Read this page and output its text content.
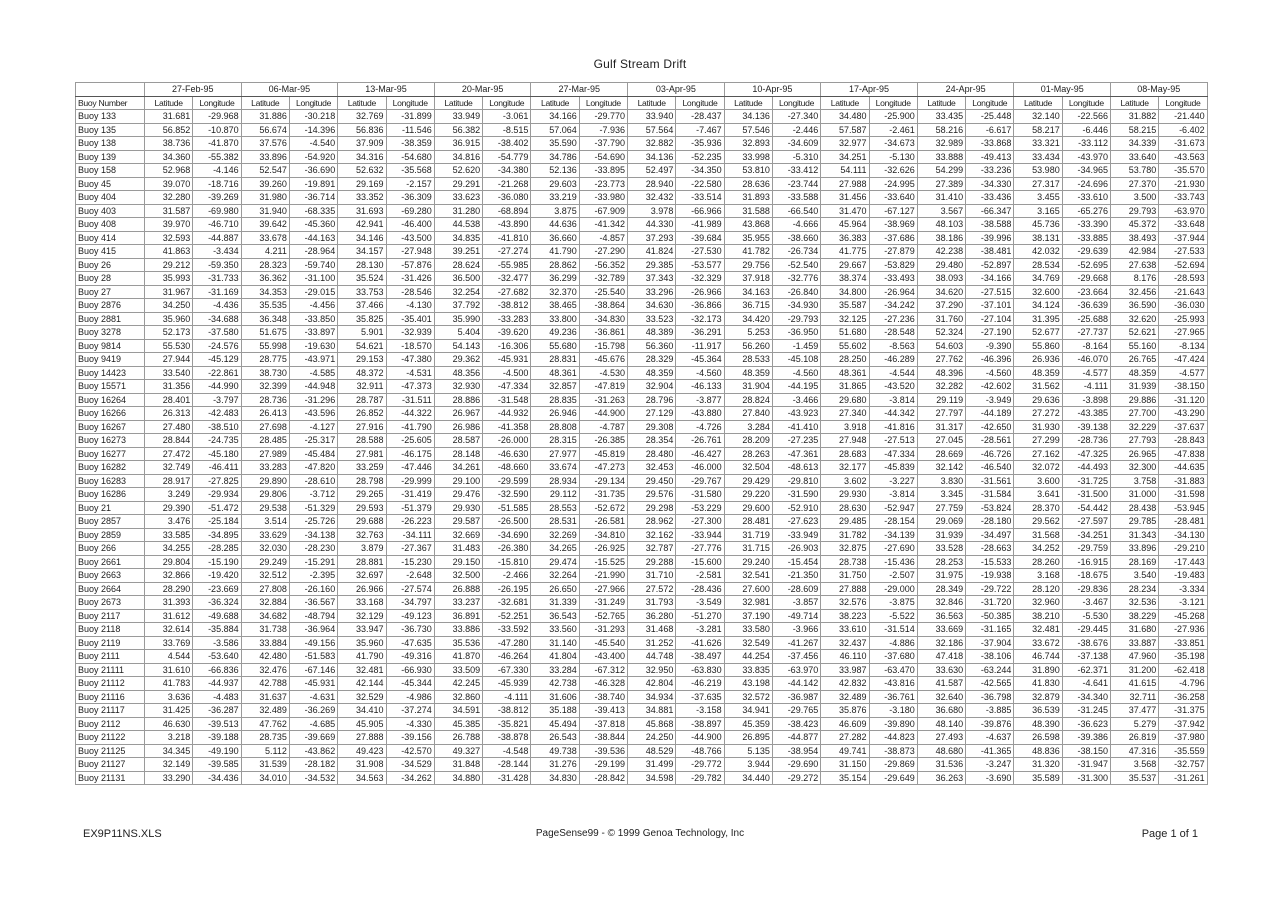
Gulf Stream Drift
	27-Feb-95		06-Mar-95		13-Mar-95		20-Mar-95		27-Mar-95		03-Apr-95		10-Apr-95		17-Apr-95		24-Apr-95		01-May-95		08-May-95	
Buoy Number	Latitude	Longitude	Latitude	Longitude	Latitude	Longitude	Latitude	Longitude	Latitude	Longitude	Latitude	Longitude	Latitude	Longitude	Latitude	Longitude	Latitude	Longitude	Latitude	Longitude	Latitude	Longitude
Buoy 133	31.681	-29.968	31.886	-30.218	32.769	-31.899	33.949	-3.061	34.166	-29.770	33.940	-28.437	34.136	-27.340	34.480	-25.900	33.435	-25.448	32.140	-22.566	31.882	-21.440
Buoy 135	56.852	-10.870	56.674	-14.396	56.836	-11.546	56.382	-8.515	57.064	-7.936	57.564	-7.467	57.546	-2.446	57.587	-2.461	58.216	-6.617	58.217	-6.446	58.215	-6.402
Buoy 138	38.736	-41.870	37.576	-4.540	37.909	-38.359	36.915	-38.402	35.590	-37.790	32.882	-35.936	32.893	-34.609	32.977	-34.673	32.989	-33.868	33.321	-33.112	34.339	-31.673
Buoy 139	34.360	-55.382	33.896	-54.920	34.316	-54.680	34.816	-54.779	34.786	-54.690	34.136	-52.235	33.998	-5.310	34.251	-5.130	33.888	-49.413	33.434	-43.970	33.640	-43.563
Buoy 158	52.968	-4.146	52.547	-36.690	52.632	-35.568	52.620	-34.380	52.136	-33.895	52.497	-34.350	53.810	-33.412	54.111	-32.626	54.299	-33.236	53.980	-34.965	53.780	-35.570
Buoy 45	39.070	-18.716	39.260	-19.891	29.169	-2.157	29.291	-21.268	29.603	-23.773	28.940	-22.580	28.636	-23.744	27.988	-24.995	27.389	-34.330	27.317	-24.696	27.370	-21.930
Buoy 404	32.280	-39.269	31.980	-36.714	33.352	-36.309	33.623	-36.080	33.219	-33.980	32.432	-33.514	31.893	-33.588	31.456	-33.640	31.410	-33.436	3.455	-33.610	3.500	-33.743
Buoy 403	31.587	-69.980	31.940	-68.335	31.693	-69.280	31.280	-68.894	3.875	-67.909	3.978	-66.966	31.588	-66.540	31.470	-67.127	3.567	-66.347	3.165	-65.276	29.793	-63.970
Buoy 408	39.970	-46.710	39.642	-45.360	42.941	-46.400	44.538	-43.890	44.636	-41.342	44.330	-41.989	43.868	-4.666	45.964	-38.969	48.103	-38.588	45.736	-33.390	45.372	-33.648
Buoy 414	32.593	-44.887	33.678	-44.163	34.146	-43.500	34.835	-41.810	36.660	-4.857	37.293	-39.684	35.955	-38.660	36.383	-37.686	38.186	-39.996	38.131	-33.885	38.493	-37.944
Buoy 415	41.863	-3.434	4.211	-28.964	34.157	-27.948	39.251	-27.274	41.790	-27.290	41.824	-27.530	41.782	-26.734	41.775	-27.879	42.238	-38.481	42.032	-29.639	42.984	-27.533
Buoy 26	29.212	-59.350	28.323	-59.740	28.130	-57.876	28.624	-55.985	28.862	-56.352	29.385	-53.577	29.756	-52.540	29.667	-53.829	29.480	-52.897	28.534	-52.695	27.638	-52.694
Buoy 28	35.993	-31.733	36.362	-31.100	35.524	-31.426	36.500	-32.477	36.299	-32.789	37.343	-32.329	37.918	-32.776	38.374	-33.493	38.093	-34.166	34.769	-29.668	8.176	-28.593
Buoy 27	31.967	-31.169	34.353	-29.015	33.753	-28.546	32.254	-27.682	32.370	-25.540	33.296	-26.966	34.163	-26.840	34.800	-26.964	34.620	-27.515	32.600	-23.664	32.456	-21.643
Buoy 2876	34.250	-4.436	35.535	-4.456	37.466	-4.130	37.792	-38.812	38.465	-38.864	34.630	-36.866	36.715	-34.930	35.587	-34.242	37.290	-37.101	34.124	-36.639	36.590	-36.030
Buoy 2881	35.960	-34.688	36.348	-33.850	35.825	-35.401	35.990	-33.283	33.800	-34.830	33.523	-32.173	34.420	-29.793	32.125	-27.236	31.760	-27.104	31.395	-25.688	32.620	-25.993
Buoy 3278	52.173	-37.580	51.675	-33.897	5.901	-32.939	5.404	-39.620	49.236	-36.861	48.389	-36.291	5.253	-36.950	51.680	-28.548	52.324	-27.190	52.677	-27.737	52.621	-27.965
Buoy 9814	55.530	-24.576	55.998	-19.630	54.621	-18.570	54.143	-16.306	55.680	-15.798	56.360	-11.917	56.260	-1.459	55.602	-8.563	54.603	-9.390	55.860	-8.164	55.160	-8.134
Buoy 9419	27.944	-45.129	28.775	-43.971	29.153	-47.380	29.362	-45.931	28.831	-45.676	28.329	-45.364	28.533	-45.108	28.250	-46.289	27.762	-46.396	26.936	-46.070	26.765	-47.424
Buoy 14423	33.540	-22.861	38.730	-4.585	48.372	-4.531	48.356	-4.500	48.361	-4.530	48.359	-4.560	48.359	-4.560	48.361	-4.544	48.396	-4.560	48.359	-4.577	48.359	-4.577
Buoy 15571	31.356	-44.990	32.399	-44.948	32.911	-47.373	32.930	-47.334	32.857	-47.819	32.904	-46.133	31.904	-44.195	31.865	-43.520	32.282	-42.602	31.562	-4.111	31.939	-38.150
Buoy 16264	28.401	-3.797	28.736	-31.296	28.787	-31.511	28.886	-31.548	28.835	-31.263	28.796	-3.877	28.824	-3.466	29.680	-3.814	29.119	-3.949	29.636	-3.898	29.886	-31.120
Buoy 16266	26.313	-42.483	26.413	-43.596	26.852	-44.322	26.967	-44.932	26.946	-44.900	27.129	-43.880	27.840	-43.923	27.340	-44.342	27.797	-44.189	27.272	-43.385	27.700	-43.290
Buoy 16267	27.480	-38.510	27.698	-4.127	27.916	-41.790	26.986	-41.358	28.808	-4.787	29.308	-4.726	3.284	-41.410	3.918	-41.816	31.317	-42.650	31.930	-39.138	32.229	-37.637
Buoy 16273	28.844	-24.735	28.485	-25.317	28.588	-25.605	28.587	-26.000	28.315	-26.385	28.354	-26.761	28.209	-27.235	27.948	-27.513	27.045	-28.561	27.299	-28.736	27.793	-28.843
Buoy 16277	27.472	-45.180	27.989	-45.484	27.981	-46.175	28.148	-46.630	27.977	-45.819	28.480	-46.427	28.263	-47.361	28.683	-47.334	28.669	-46.726	27.162	-47.325	26.965	-47.838
Buoy 16282	32.749	-46.411	33.283	-47.820	33.259	-47.446	34.261	-48.660	33.674	-47.273	32.453	-46.000	32.504	-48.613	32.177	-45.839	32.142	-46.540	32.072	-44.493	32.300	-44.635
Buoy 16283	28.917	-27.825	29.890	-28.610	28.798	-29.999	29.100	-29.599	28.934	-29.134	29.450	-29.767	29.429	-29.810	3.602	-3.227	3.830	-31.561	3.600	-31.725	3.758	-31.883
Buoy 16286	3.249	-29.934	29.806	-3.712	29.265	-31.419	29.476	-32.590	29.112	-31.735	29.576	-31.580	29.220	-31.590	29.930	-3.814	3.345	-31.584	3.641	-31.500	31.000	-31.598
Buoy 21	29.390	-51.472	29.538	-51.329	29.593	-51.379	29.930	-51.585	28.553	-52.672	29.298	-53.229	29.600	-52.910	28.630	-52.947	27.759	-53.824	28.370	-54.442	28.438	-53.945
Buoy 2857	3.476	-25.184	3.514	-25.726	29.688	-26.223	29.587	-26.500	28.531	-26.581	28.962	-27.300	28.481	-27.623	29.485	-28.154	29.069	-28.180	29.562	-27.597	29.785	-28.481
Buoy 2859	33.585	-34.895	33.629	-34.138	32.763	-34.111	32.669	-34.690	32.269	-34.810	32.162	-33.944	31.719	-33.949	31.782	-34.139	31.939	-34.497	31.568	-34.251	31.343	-34.130
Buoy 266	34.255	-28.285	32.030	-28.230	3.879	-27.367	31.483	-26.380	34.265	-26.925	32.787	-27.776	31.715	-26.903	32.875	-27.690	33.528	-28.663	34.252	-29.759	33.896	-29.210
Buoy 2661	29.804	-15.190	29.249	-15.291	28.881	-15.230	29.150	-15.810	29.474	-15.525	29.288	-15.600	29.240	-15.454	28.738	-15.436	28.253	-15.533	28.260	-16.915	28.169	-17.443
Buoy 2663	32.866	-19.420	32.512	-2.395	32.697	-2.648	32.500	-2.466	32.264	-21.990	31.710	-2.581	32.541	-21.350	31.750	-2.507	31.975	-19.938	3.168	-18.675	3.540	-19.483
Buoy 2664	28.290	-23.669	27.808	-26.160	26.966	-27.574	26.888	-26.195	26.650	-27.966	27.572	-28.436	27.600	-28.609	27.888	-29.000	28.349	-29.722	28.120	-29.836	28.234	-3.334
Buoy 2673	31.393	-36.324	32.884	-36.567	33.168	-34.797	33.237	-32.681	31.339	-31.249	31.793	-3.549	32.981	-3.857	32.576	-3.875	32.846	-31.720	32.960	-3.467	32.536	-3.121
Buoy 2117	31.612	-49.688	34.682	-48.794	32.129	-49.123	36.891	-52.251	36.543	-52.765	36.280	-51.270	37.190	-49.714	38.223	-5.522	36.563	-50.385	38.210	-5.530	38.229	-45.268
Buoy 2118	32.614	-35.884	31.738	-36.964	33.947	-36.730	33.886	-33.592	33.560	-31.293	31.468	-3.281	33.580	-3.966	33.610	-31.514	33.669	-31.165	32.481	-29.445	31.680	-27.936
Buoy 2119	33.769	-3.586	33.884	-49.156	35.960	-47.635	35.536	-47.280	31.140	-45.540	31.252	-41.626	32.549	-41.267	32.437	-4.886	32.186	-37.904	33.672	-38.676	33.887	-33.851
Buoy 2111	4.544	-53.640	42.480	-51.583	41.790	-49.316	41.870	-46.264	41.804	-43.400	44.748	-38.497	44.254	-37.456	46.110	-37.680	47.418	-38.106	46.744	-37.138	47.960	-35.198
Buoy 21111	31.610	-66.836	32.476	-67.146	32.481	-66.930	33.509	-67.330	33.284	-67.312	32.950	-63.830	33.835	-63.970	33.987	-63.470	33.630	-63.244	31.890	-62.371	31.200	-62.418
Buoy 21112	41.783	-44.937	42.788	-45.931	42.144	-45.344	42.245	-45.939	42.738	-46.328	42.804	-46.219	43.198	-44.142	42.832	-43.816	41.587	-42.565	41.830	-4.641	41.615	-4.796
Buoy 21116	3.636	-4.483	31.637	-4.631	32.529	-4.986	32.860	-4.111	31.606	-38.740	34.934	-37.635	32.572	-36.987	32.489	-36.761	32.640	-36.798	32.879	-34.340	32.711	-36.258
Buoy 21117	31.425	-36.287	32.489	-36.269	34.410	-37.274	34.591	-38.812	35.188	-39.413	34.881	-3.158	34.941	-29.765	35.876	-3.180	36.680	-3.885	36.539	-31.245	37.477	-31.375
Buoy 2112	46.630	-39.513	47.762	-4.685	45.905	-4.330	45.385	-35.821	45.494	-37.818	45.868	-38.897	45.359	-38.423	46.609	-39.890	48.140	-39.876	48.390	-36.623	5.279	-37.942
Buoy 21122	3.218	-39.188	28.735	-39.669	27.888	-39.156	26.788	-38.878	26.543	-38.844	24.250	-44.900	26.895	-44.877	27.282	-44.823	27.493	-4.637	26.598	-39.386	26.819	-37.980
Buoy 21125	34.345	-49.190	5.112	-43.862	49.423	-42.570	49.327	-4.548	49.738	-39.536	48.529	-48.766	5.135	-38.954	49.741	-38.873	48.680	-41.365	48.836	-38.150	47.316	-35.559
Buoy 21127	32.149	-39.585	31.539	-28.182	31.908	-34.529	31.848	-28.144	31.276	-29.199	31.499	-29.772	3.944	-29.690	31.150	-29.869	31.536	-3.247	31.320	-31.947	3.568	-32.757
Buoy 21131	33.290	-34.436	34.010	-34.532	34.563	-34.262	34.880	-31.428	34.830	-28.842	34.598	-29.782	34.440	-29.272	35.154	-29.649	36.263	-3.690	35.589	-31.300	35.537	-31.261
EX9P11NS.XLS	PageSense99 - © 1999 Genoa Technology, Inc	Page 1 of 1
